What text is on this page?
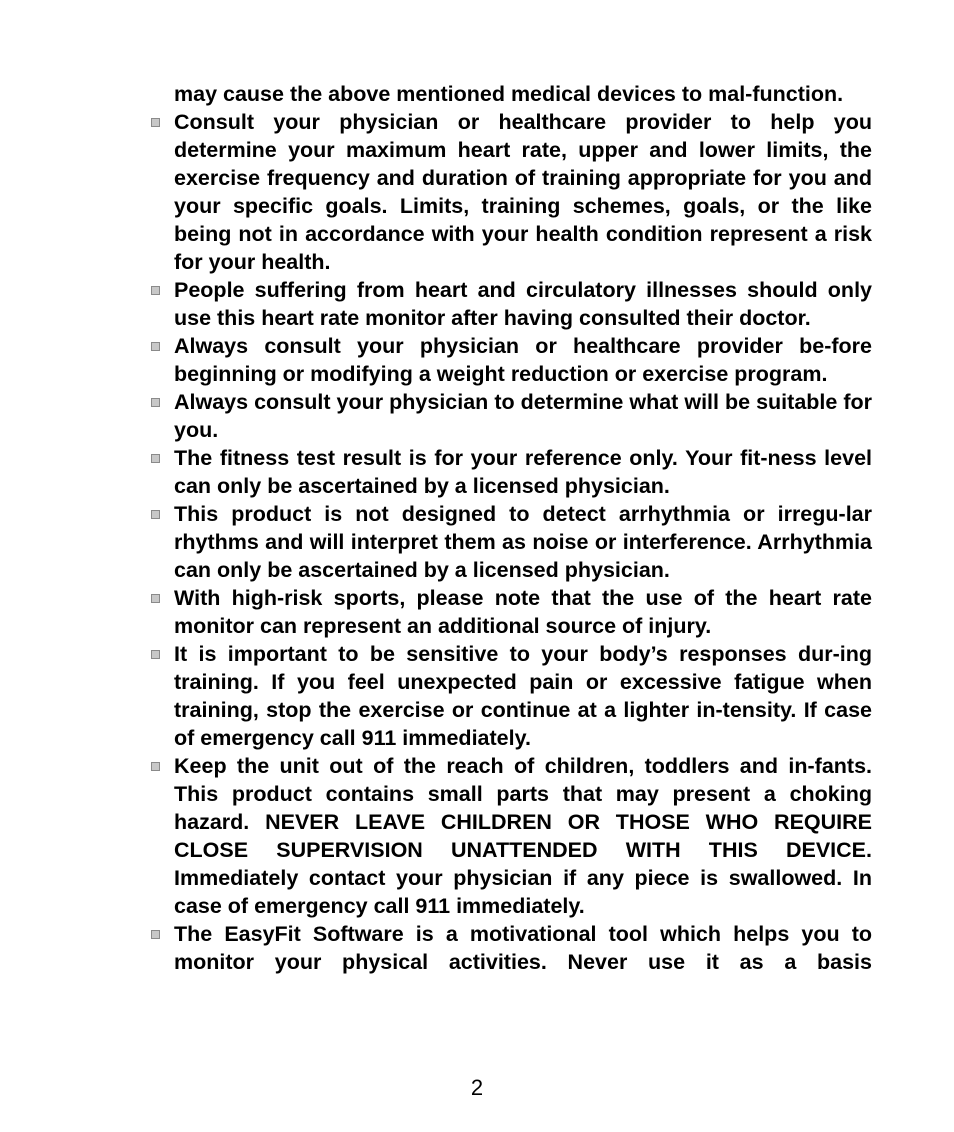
may cause the above mentioned medical devices to mal-function.
Consult your physician or healthcare provider to help you determine your maximum heart rate, upper and lower limits, the exercise frequency and duration of training appropriate for you and your specific goals. Limits, training schemes, goals, or the like being not in accordance with your health condition represent a risk for your health.
People suffering from heart and circulatory illnesses should only use this heart rate monitor after having consulted their doctor.
Always consult your physician or healthcare provider be-fore beginning or modifying a weight reduction or exercise program.
Always consult your physician to determine what will be suitable for you.
The fitness test result is for your reference only. Your fit-ness level can only be ascertained by a licensed physician.
This product is not designed to detect arrhythmia or irregu-lar rhythms and will interpret them as noise or interference. Arrhythmia can only be ascertained by a licensed physician.
With high-risk sports, please note that the use of the heart rate monitor can represent an additional source of injury.
It is important to be sensitive to your body’s responses dur-ing training. If you feel unexpected pain or excessive fatigue when training, stop the exercise or continue at a lighter in-tensity. If case of emergency call 911 immediately.
Keep the unit out of the reach of children, toddlers and in-fants. This product contains small parts that may present a choking hazard. NEVER LEAVE CHILDREN OR THOSE WHO REQUIRE CLOSE SUPERVISION UNATTENDED WITH THIS DEVICE. Immediately contact your physician if any piece is swallowed. In case of emergency call 911 immediately.
The EasyFit Software is a motivational tool which helps you to monitor your physical activities. Never use it as a basis
2
